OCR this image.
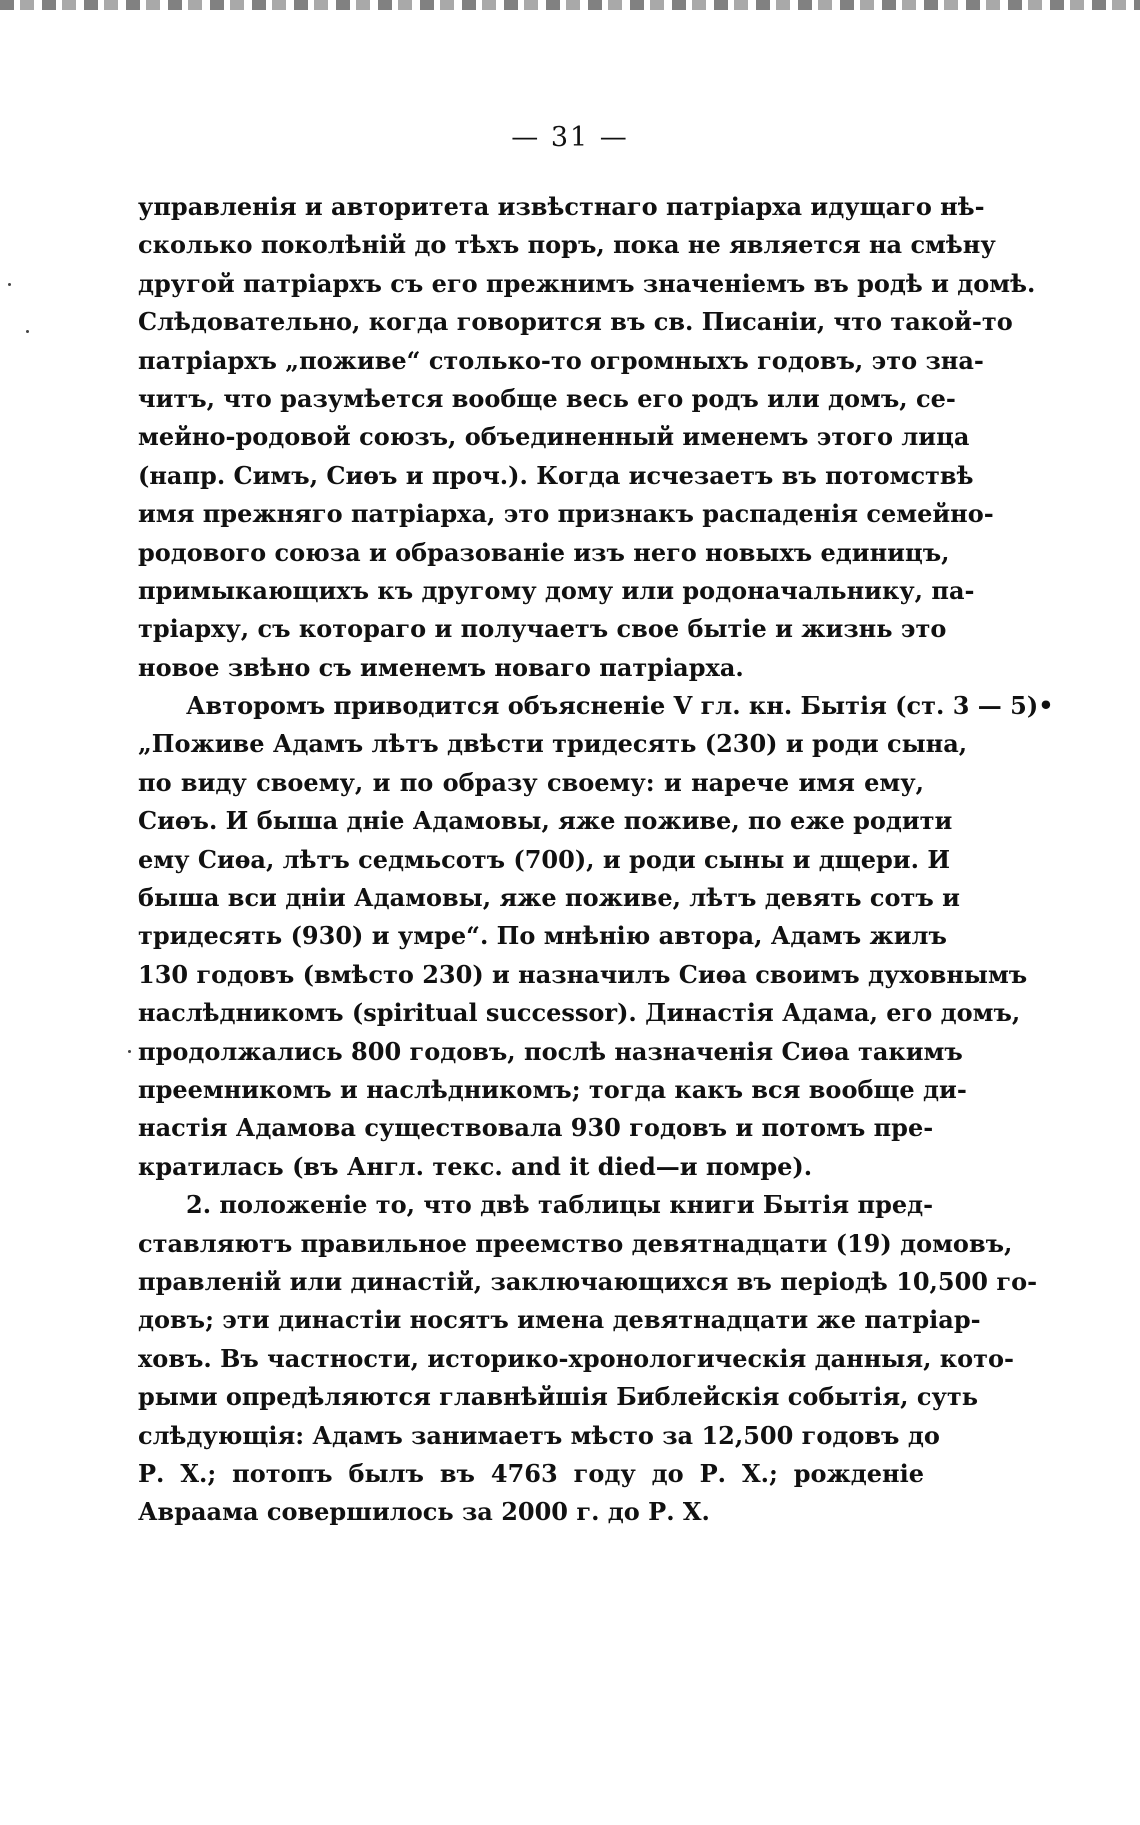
— 31 —
управленія и авторитета извѣстнаго патріарха идущаго нѣ-
сколько поколѣній до тѣхъ поръ, пока не является на смѣну
другой патріархъ съ его прежнимъ значеніемъ въ родѣ и домѣ.
Слѣдовательно, когда говорится въ св. Писаніи, что такой-то
патріархъ „поживе“ столько-то огромныхъ годовъ, это зна-
читъ, что разумѣется вообще весь его родъ или домъ, се-
мейно-родовой союзъ, объединенный именемъ этого лица
(напр. Симъ, Сиѳъ и проч.). Когда исчезаетъ въ потомствѣ
имя прежняго патріарха, это признакъ распаденія семейно-
родового союза и образованіе изъ него новыхъ единицъ,
примыкающихъ къ другому дому или родоначальнику, па-
тріарху, съ котораго и получаетъ свое бытіе и жизнь это
новое звѣно съ именемъ новаго патріарха.
Авторомъ приводится объясненіе V гл. кн. Бытія (ст. 3 — 5)•
„Поживе Адамъ лѣтъ двѣсти тридесять (230) и роди сына,
по виду своему, и по образу своему: и нарече имя ему,
Сиѳъ. И быша дніе Адамовы, яже поживе, по еже родити
ему Сиѳа, лѣтъ седмьсотъ (700), и роди сыны и дщери. И
быша вси дніи Адамовы, яже поживе, лѣтъ девять сотъ и
тридесять (930) и умре“. По мнѣнію автора, Адамъ жилъ
130 годовъ (вмѣсто 230) и назначилъ Сиѳа своимъ духовнымъ
наслѣдникомъ (spiritual successor). Династія Адама, его домъ,
продолжались 800 годовъ, послѣ назначенія Сиѳа такимъ
преемникомъ и наслѣдникомъ; тогда какъ вся вообще ди-
настія Адамова существовала 930 годовъ и потомъ пре-
кратилась (въ Англ. текс. and it died—и помре).
2. положеніе то, что двѣ таблицы книги Бытія пред-
ставляютъ правильное преемство девятнадцати (19) домовъ,
правленій или династій, заключающихся въ періодѣ 10,500 го-
довъ; эти династіи носятъ имена девятнадцати же патріар-
ховъ. Въ частности, историко-хронологическія данныя, кото-
рыми опредѣляются главнѣйшія Библейскія событія, суть
слѣдующія: Адамъ занимаетъ мѣсто за 12,500 годовъ до
Р. Х.; потопъ былъ въ 4763 году до Р. Х.; рожденіе
Авраама совершилось за 2000 г. до Р. Х.
